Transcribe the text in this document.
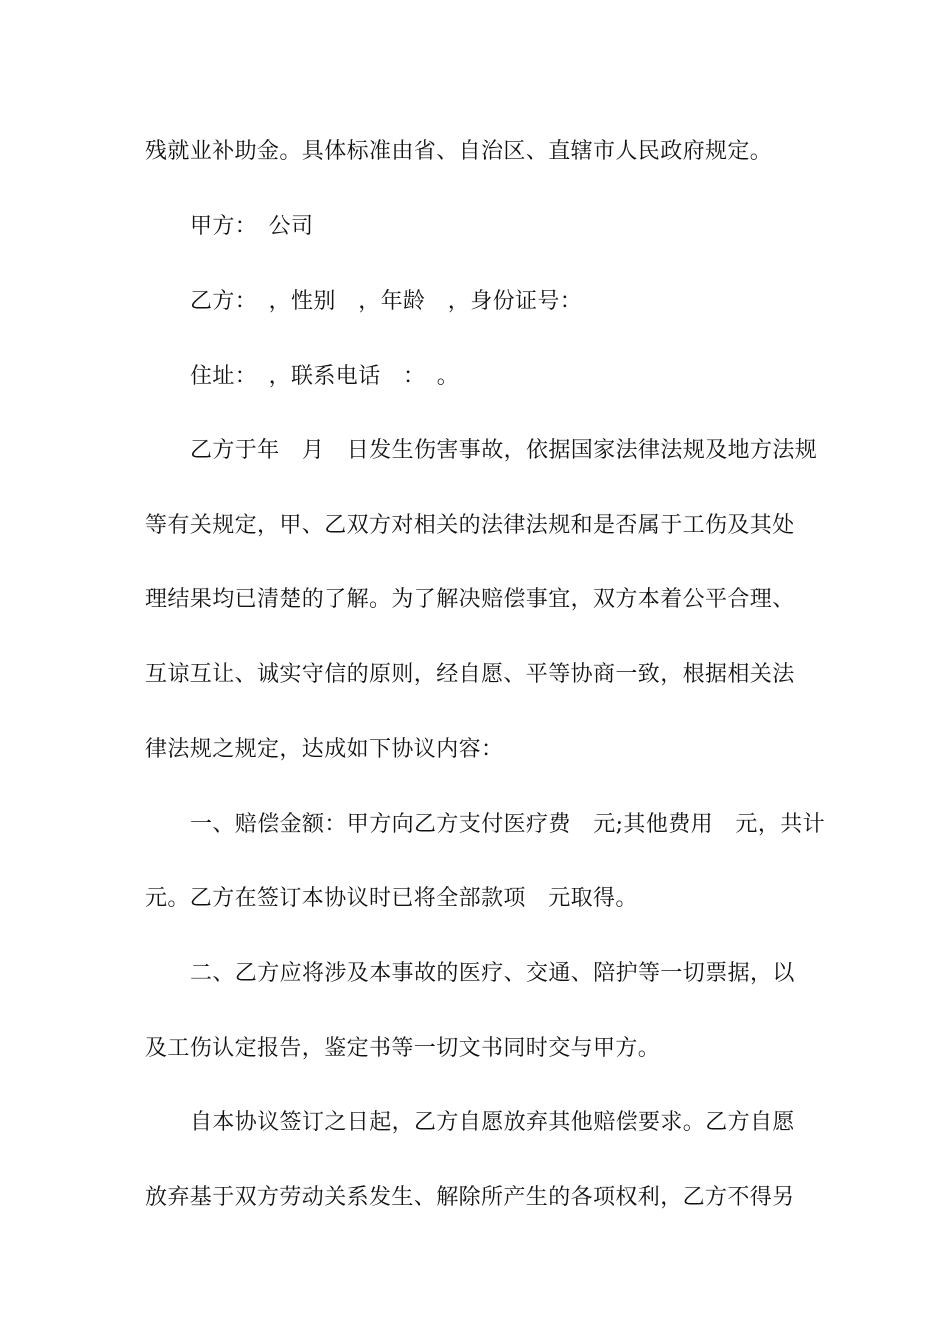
残就业补助金。具体标准由省、自治区、直辖市人民政府规定。
甲方：　公司
乙方：　，性别　，年龄　，身份证号：
住址：　，联系电话　：　。
乙方于年　月　日发生伤害事故，依据国家法律法规及地方法规
等有关规定，甲、乙双方对相关的法律法规和是否属于工伤及其处
理结果均已清楚的了解。为了解决赔偿事宜，双方本着公平合理、
互谅互让、诚实守信的原则，经自愿、平等协商一致，根据相关法
律法规之规定，达成如下协议内容：
一、赔偿金额：甲方向乙方支付医疗费　元;其他费用　元，共计
元。乙方在签订本协议时已将全部款项　元取得。
二、乙方应将涉及本事故的医疗、交通、陪护等一切票据，以
及工伤认定报告，鉴定书等一切文书同时交与甲方。
自本协议签订之日起，乙方自愿放弃其他赔偿要求。乙方自愿
放弃基于双方劳动关系发生、解除所产生的各项权利，乙方不得另
